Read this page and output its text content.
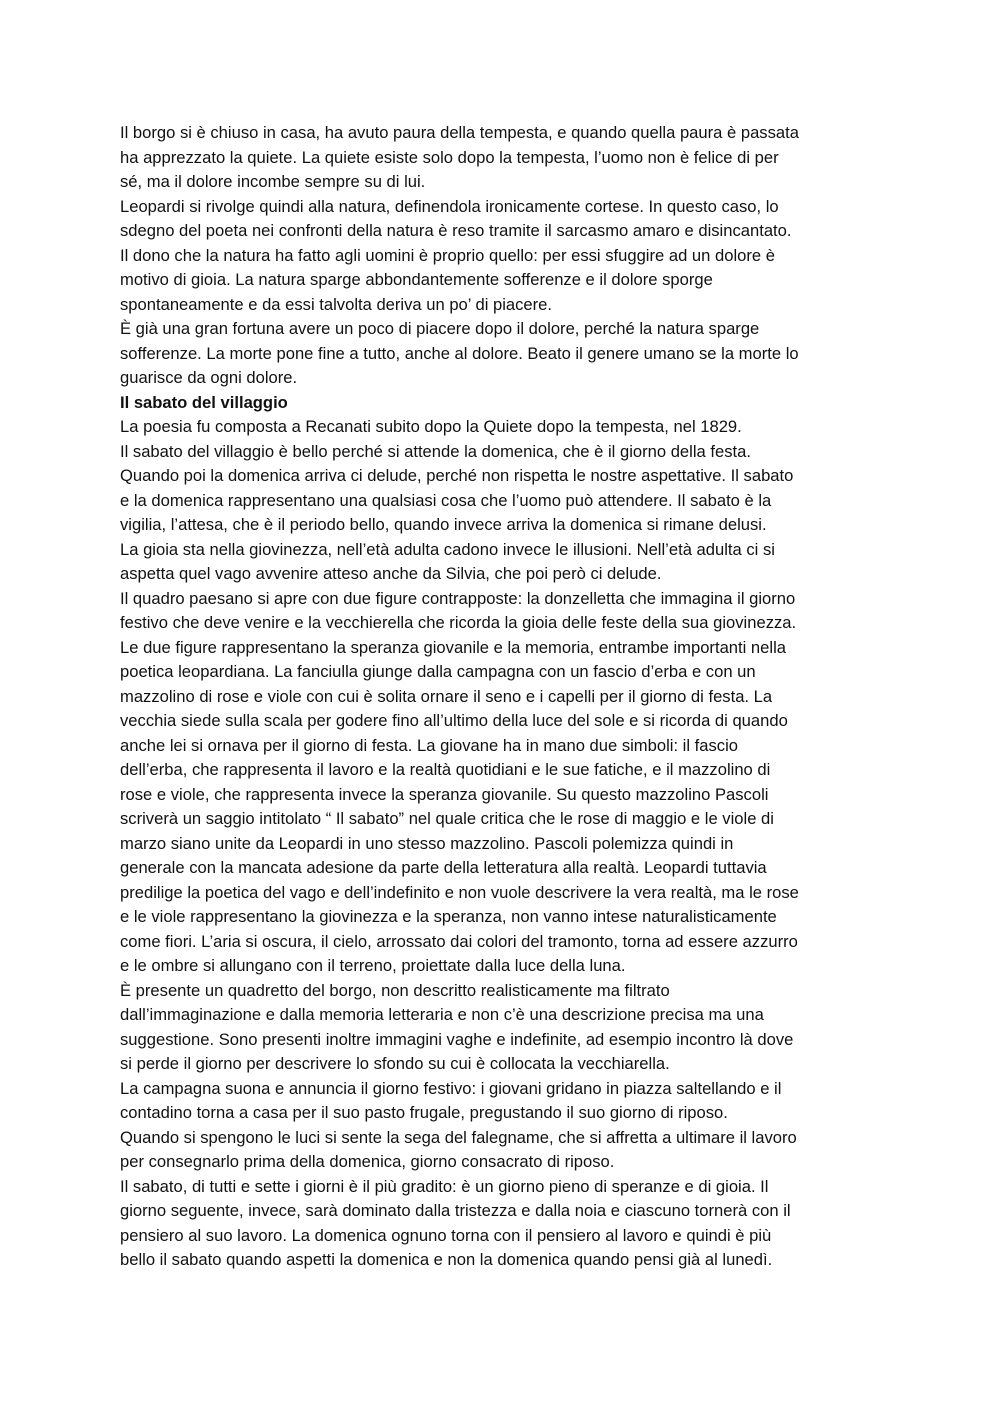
Il borgo si è chiuso in casa, ha avuto paura della tempesta, e quando quella paura è passata
ha apprezzato la quiete. La quiete esiste solo dopo la tempesta, l’uomo non è felice di per
sé, ma il dolore incombe sempre su di lui.
Leopardi si rivolge quindi alla natura, definendola ironicamente cortese. In questo caso, lo
sdegno del poeta nei confronti della natura è reso tramite il sarcasmo amaro e disincantato.
Il dono che la natura ha fatto agli uomini è proprio quello: per essi sfuggire ad un dolore è
motivo di gioia. La natura sparge abbondantemente sofferenze e il dolore sporge
spontaneamente e da essi talvolta deriva un po’ di piacere.
È già una gran fortuna avere un poco di piacere dopo il dolore, perché la natura sparge
sofferenze. La morte pone fine a tutto, anche al dolore. Beato il genere umano se la morte lo
guarisce da ogni dolore.
Il sabato del villaggio
La poesia fu composta a Recanati subito dopo la Quiete dopo la tempesta, nel 1829.
Il sabato del villaggio è bello perché si attende la domenica, che è il giorno della festa.
Quando poi la domenica arriva ci delude, perché non rispetta le nostre aspettative. Il sabato
e la domenica rappresentano una qualsiasi cosa che l’uomo può attendere. Il sabato è la
vigilia, l’attesa, che è il periodo bello, quando invece arriva la domenica si rimane delusi.
La gioia sta nella giovinezza, nell’età adulta cadono invece le illusioni. Nell’età adulta ci si
aspetta quel vago avvenire atteso anche da Silvia, che poi però ci delude.
Il quadro paesano si apre con due figure contrapposte: la donzelletta che immagina il giorno
festivo che deve venire e la vecchierella che ricorda la gioia delle feste della sua giovinezza.
Le due figure rappresentano la speranza giovanile e la memoria, entrambe importanti nella
poetica leopardiana. La fanciulla giunge dalla campagna con un fascio d’erba e con un
mazzolino di rose e viole con cui è solita ornare il seno e i capelli per il giorno di festa. La
vecchia siede sulla scala per godere fino all’ultimo della luce del sole e si ricorda di quando
anche lei si ornava per il giorno di festa. La giovane ha in mano due simboli: il fascio
dell’erba, che rappresenta il lavoro e la realtà quotidiani e le sue fatiche, e il mazzolino di
rose e viole, che rappresenta invece la speranza giovanile. Su questo mazzolino Pascoli
scriverà un saggio intitolato “ Il sabato” nel quale critica che le rose di maggio e le viole di
marzo siano unite da Leopardi in uno stesso mazzolino. Pascoli polemizza quindi in
generale con la mancata adesione da parte della letteratura alla realtà. Leopardi tuttavia
predilige la poetica del vago e dell’indefinito e non vuole descrivere la vera realtà, ma le rose
e le viole rappresentano la giovinezza e la speranza, non vanno intese naturalisticamente
come fiori. L’aria si oscura, il cielo, arrossato dai colori del tramonto, torna ad essere azzurro
e le ombre si allungano con il terreno, proiettate dalla luce della luna.
È presente un quadretto del borgo, non descritto realisticamente ma filtrato
dall’immaginazione e dalla memoria letteraria e non c’è una descrizione precisa ma una
suggestione. Sono presenti inoltre immagini vaghe e indefinite, ad esempio incontro là dove
si perde il giorno per descrivere lo sfondo su cui è collocata la vecchiarella.
La campagna suona e annuncia il giorno festivo: i giovani gridano in piazza saltellando e il
contadino torna a casa per il suo pasto frugale, pregustando il suo giorno di riposo.
Quando si spengono le luci si sente la sega del falegname, che si affretta a ultimare il lavoro
per consegnarlo prima della domenica, giorno consacrato di riposo.
Il sabato, di tutti e sette i giorni è il più gradito: è un giorno pieno di speranze e di gioia. Il
giorno seguente, invece, sarà dominato dalla tristezza e dalla noia e ciascuno tornerà con il
pensiero al suo lavoro. La domenica ognuno torna con il pensiero al lavoro e quindi è più
bello il sabato quando aspetti la domenica e non la domenica quando pensi già al lunedì.
